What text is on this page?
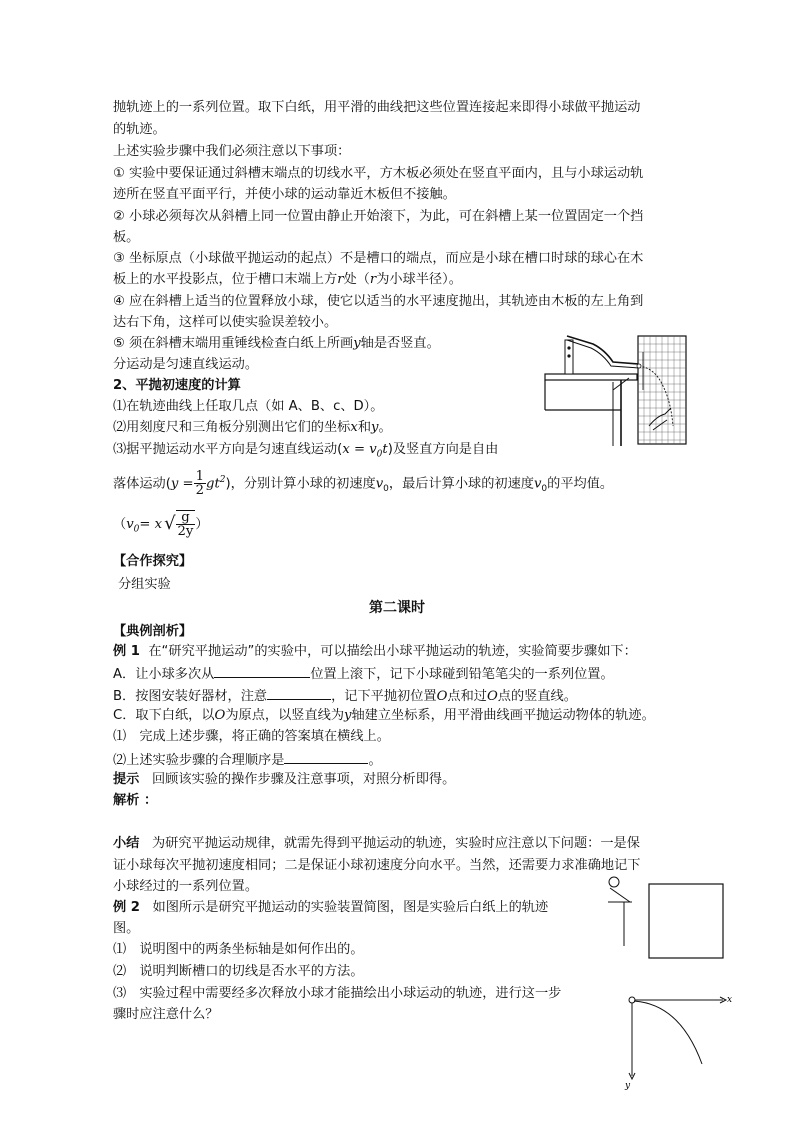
抛轨迹上的一系列位置。取下白纸，用平滑的曲线把这些位置连接起来即得小球做平抛运动
的轨迹。
上述实验步骤中我们必须注意以下事项：
① 实验中要保证通过斜槽末端点的切线水平，方木板必须处在竖直平面内，且与小球运动轨
迹所在竖直平面平行，并使小球的运动靠近木板但不接触。
② 小球必须每次从斜槽上同一位置由静止开始滚下，为此，可在斜槽上某一位置固定一个挡
板。
③ 坐标原点（小球做平抛运动的起点）不是槽口的端点，而应是小球在槽口时球的球心在木
板上的水平投影点，位于槽口末端上方r处（r为小球半径）。
④ 应在斜槽上适当的位置释放小球，使它以适当的水平速度抛出，其轨迹由木板的左上角到
达右下角，这样可以使实验误差较小。
⑤ 须在斜槽末端用重锤线检查白纸上所画y轴是否竖直。
分运动是匀速直线运动。
2、平抛初速度的计算
⑴在轨迹曲线上任取几点（如 A、B、c、D）。
⑵用刻度尺和三角板分别测出它们的坐标x和y。
⑶据平抛运动水平方向是匀速直线运动$(x = v_0t)$及竖直方向是自由
落体运动$(y = \frac{1}{2} gt^2)$，分别计算小球的初速度$v_0$，最后计算小球的初速度$v_0$的平均值。
（$v_0= x$ √ $\frac{g}{2y}$ ）
【合作探究】
分组实验
第二课时
【典例剖析】
例 1 在“研究平抛运动”的实验中，可以描绘出小球平抛运动的轨迹，实验简要步骤如下：
A．让小球多次从	位置上滚下，记下小球碰到铅笔笔尖的一系列位置。
B．按图安装好器材，注意	，记下平抛初位置O点和过O点的竖直线。
C．取下白纸，以O为原点，以竖直线为y轴建立坐标系，用平滑曲线画平抛运动物体的轨迹。
⑴　完成上述步骤，将正确的答案填在横线上。
⑵上述实验步骤的合理顺序是	。
提示 回顾该实验的操作步骤及注意事项，对照分析即得。
解析 ：
小结 为研究平抛运动规律，就需先得到平抛运动的轨迹，实验时应注意以下问题：一是保
证小球每次平抛初速度相同；二是保证小球初速度分向水平。当然，还需要力求准确地记下
小球经过的一系列位置。
例 2 如图所示是研究平抛运动的实验装置简图，图是实验后白纸上的轨迹
图。
⑴　说明图中的两条坐标轴是如何作出的。
⑵　说明判断槽口的切线是否水平的方法。
⑶　实验过程中需要经多次释放小球才能描绘出小球运动的轨迹，进行这一步
骤时应注意什么？
x
y
